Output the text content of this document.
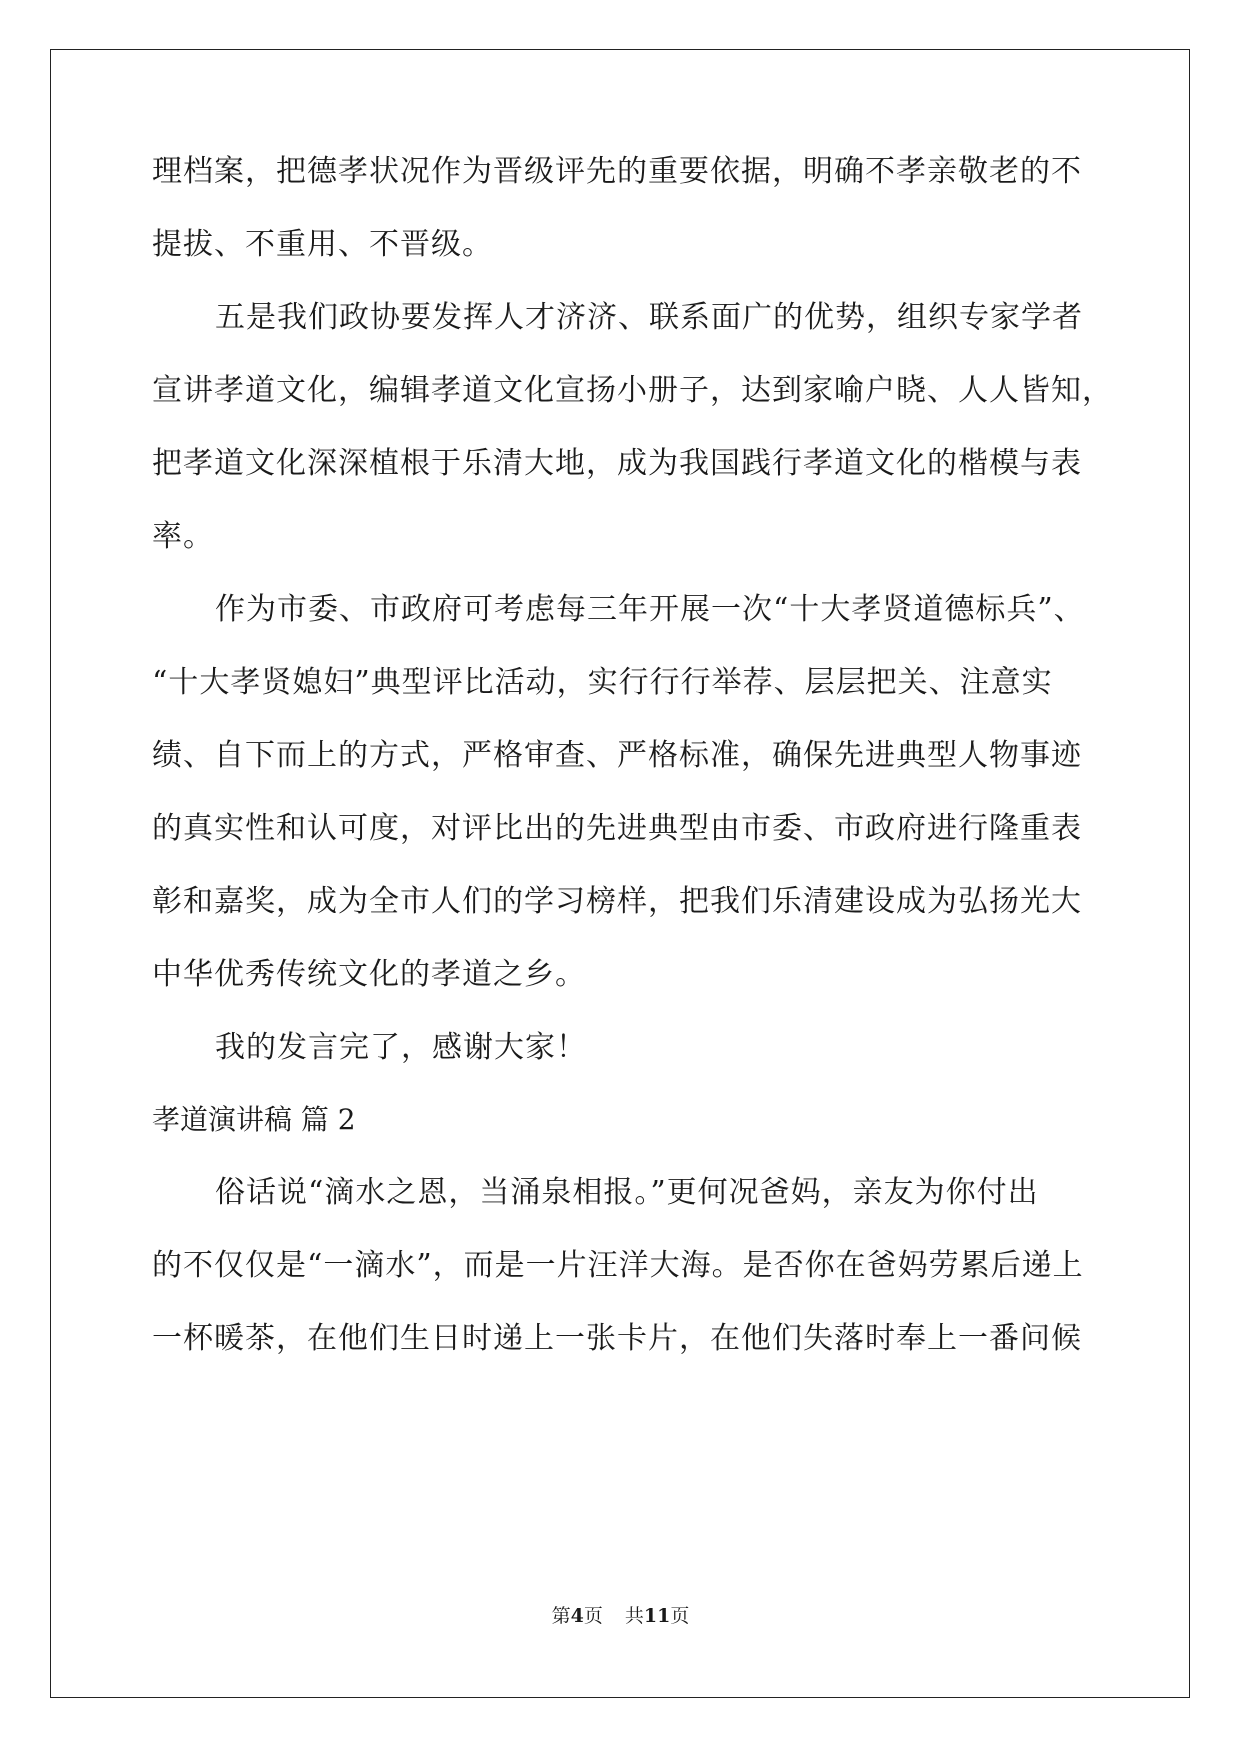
理档案，把德孝状况作为晋级评先的重要依据，明确不孝亲敬老的不
提拔、不重用、不晋级。
五是我们政协要发挥人才济济、联系面广的优势，组织专家学者
宣讲孝道文化，编辑孝道文化宣扬小册子，达到家喻户晓、人人皆知，
把孝道文化深深植根于乐清大地，成为我国践行孝道文化的楷模与表
率。
作为市委、市政府可考虑每三年开展一次“十大孝贤道德标兵”、
“十大孝贤媳妇”典型评比活动，实行行行举荐、层层把关、注意实
绩、自下而上的方式，严格审查、严格标准，确保先进典型人物事迹
的真实性和认可度，对评比出的先进典型由市委、市政府进行隆重表
彰和嘉奖，成为全市人们的学习榜样，把我们乐清建设成为弘扬光大
中华优秀传统文化的孝道之乡。
我的发言完了，感谢大家！
孝道演讲稿 篇 2
俗话说“滴水之恩，当涌泉相报。”更何况爸妈，亲友为你付出
的不仅仅是“一滴水”，而是一片汪洋大海。是否你在爸妈劳累后递上
一杯暖茶，在他们生日时递上一张卡片，在他们失落时奉上一番问候
第4页 共11页
